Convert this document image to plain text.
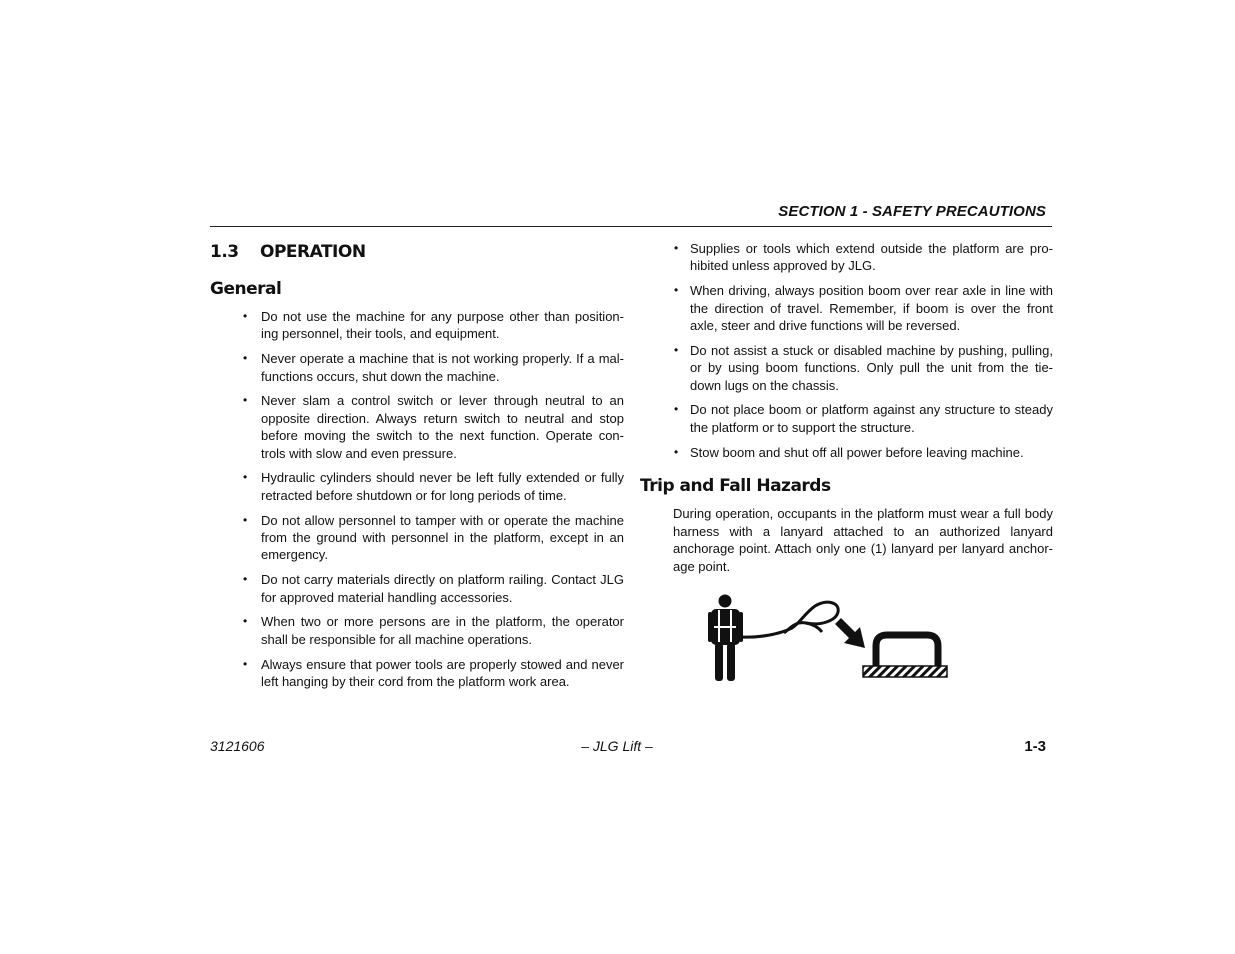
SECTION 1 - SAFETY PRECAUTIONS
1.3 OPERATION
General
• Do not use the machine for any purpose other than position-ing personnel, their tools, and equipment.
• Never operate a machine that is not working properly. If a mal-functions occurs, shut down the machine.
• Never slam a control switch or lever through neutral to an opposite direction. Always return switch to neutral and stop before moving the switch to the next function. Operate con-trols with slow and even pressure.
• Hydraulic cylinders should never be left fully extended or fully retracted before shutdown or for long periods of time.
• Do not allow personnel to tamper with or operate the machine from the ground with personnel in the platform, except in an emergency.
• Do not carry materials directly on platform railing. Contact JLG for approved material handling accessories.
• When two or more persons are in the platform, the operator shall be responsible for all machine operations.
• Always ensure that power tools are properly stowed and never left hanging by their cord from the platform work area.
• Supplies or tools which extend outside the platform are pro-hibited unless approved by JLG.
• When driving, always position boom over rear axle in line with the direction of travel. Remember, if boom is over the front axle, steer and drive functions will be reversed.
• Do not assist a stuck or disabled machine by pushing, pulling, or by using boom functions. Only pull the unit from the tie-down lugs on the chassis.
• Do not place boom or platform against any structure to steady the platform or to support the structure.
• Stow boom and shut off all power before leaving machine.
Trip and Fall Hazards

During operation, occupants in the platform must wear a full body harness with a lanyard attached to an authorized lanyard anchorage point. Attach only one (1) lanyard per lanyard anchor-age point.

3121606	– JLG Lift –	1-3
